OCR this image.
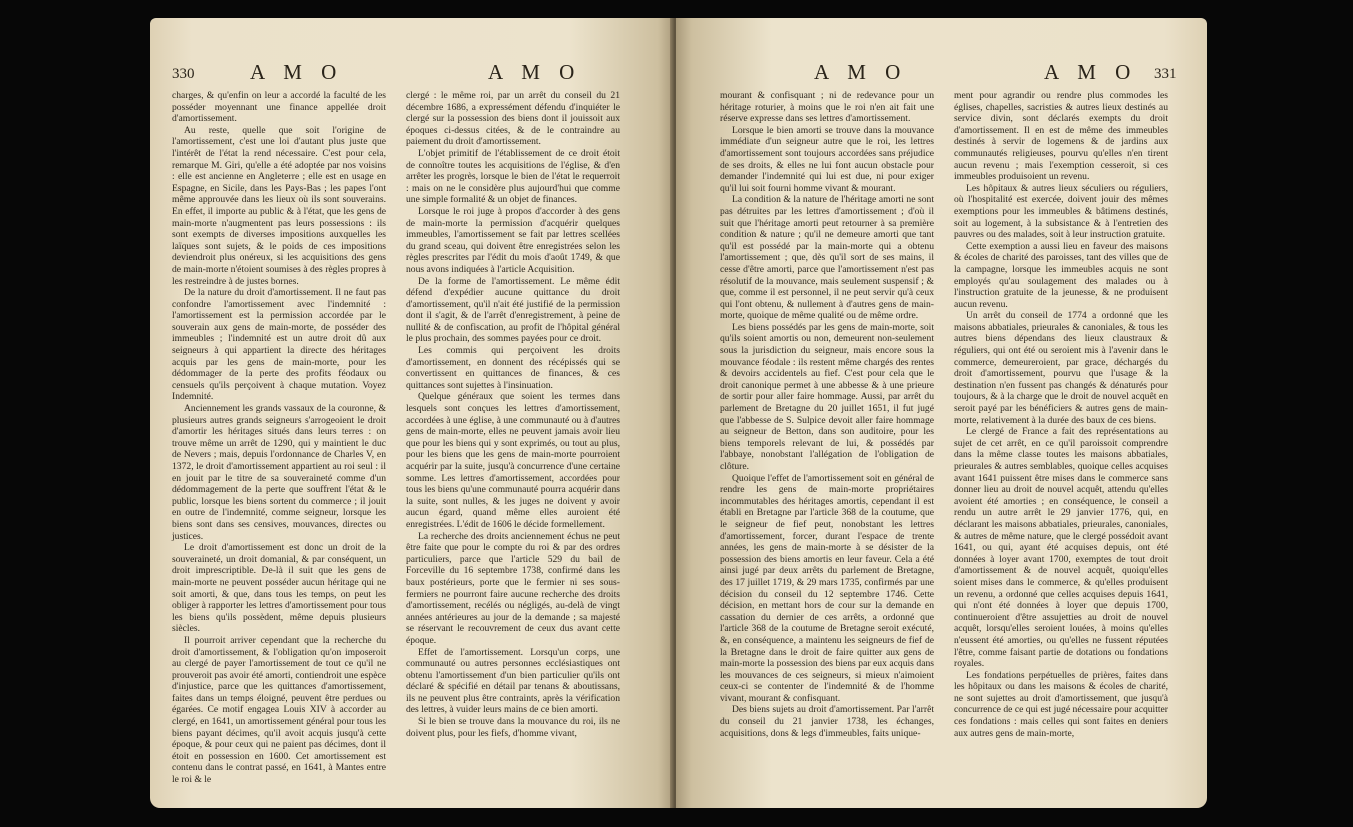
330	A M O	A M O

charges, & qu'enfin on leur a accordé la faculté de les posséder moyennant une finance appellée droit d'amortissement.

Au reste, quelle que soit l'origine de l'amortissement, c'est une loi d'autant plus juste que l'intérêt de l'état la rend nécessaire. C'est pour cela, remarque M. Giri, qu'elle a été adoptée par nos voisins : elle est ancienne en Angleterre ; elle est en usage en Espagne, en Sicile, dans les Pays-Bas ; les papes l'ont même approuvée dans les lieux où ils sont souverains. En effet, il importe au public & à l'état, que les gens de main-morte n'augmentent pas leurs possessions : ils sont exempts de diverses impositions auxquelles les laïques sont sujets, & le poids de ces impositions deviendroit plus onéreux, si les acquisitions des gens de main-morte n'étoient soumises à des règles propres à les restreindre à de justes bornes.

De la nature du droit d'amortissement. Il ne faut pas confondre l'amortissement avec l'indemnité : l'amortissement est la permission accordée par le souverain aux gens de main-morte, de posséder des immeubles ; l'indemnité est un autre droit dû aux seigneurs à qui appartient la directe des héritages acquis par les gens de main-morte, pour les dédommager de la perte des profits féodaux ou censuels qu'ils perçoivent à chaque mutation. Voyez Indemnité.

Anciennement les grands vassaux de la couronne, & plusieurs autres grands seigneurs s'arrogeoient le droit d'amortir les héritages situés dans leurs terres : on trouve même un arrêt de 1290, qui y maintient le duc de Nevers ; mais, depuis l'ordonnance de Charles V, en 1372, le droit d'amortissement appartient au roi seul : il en jouit par le titre de sa souveraineté comme d'un dédommagement de la perte que souffrent l'état & le public, lorsque les biens sortent du commerce ; il jouit en outre de l'indemnité, comme seigneur, lorsque les biens sont dans ses censives, mouvances, directes ou justices.

Le droit d'amortissement est donc un droit de la souveraineté, un droit domanial, & par conséquent, un droit imprescriptible. De-là il suit que les gens de main-morte ne peuvent posséder aucun héritage qui ne soit amorti, & que, dans tous les temps, on peut les obliger à rapporter les lettres d'amortissement pour tous les biens qu'ils possèdent, même depuis plusieurs siècles.

Il pourroit arriver cependant que la recherche du droit d'amortissement, & l'obligation qu'on imposeroit au clergé de payer l'amortissement de tout ce qu'il ne prouveroit pas avoir été amorti, contiendroit une espèce d'injustice, parce que les quittances d'amortissement, faites dans un temps éloigné, peuvent être perdues ou égarées. Ce motif engagea Louis XIV à accorder au clergé, en 1641, un amortissement général pour tous les biens payant décimes, qu'il avoit acquis jusqu'à cette époque, & pour ceux qui ne paient pas décimes, dont il étoit en possession en 1600. Cet amortissement est contenu dans le contrat passé, en 1641, à Mantes entre le roi & le

clergé : le même roi, par un arrêt du conseil du 21 décembre 1686, a expressément défendu d'inquiéter le clergé sur la possession des biens dont il jouissoit aux époques ci-dessus citées, & de le contraindre au paiement du droit d'amortissement.

L'objet primitif de l'établissement de ce droit étoit de connoître toutes les acquisitions de l'église, & d'en arrêter les progrès, lorsque le bien de l'état le requerroit : mais on ne le considère plus aujourd'hui que comme une simple formalité & un objet de finances.

Lorsque le roi juge à propos d'accorder à des gens de main-morte la permission d'acquérir quelques immeubles, l'amortissement se fait par lettres scellées du grand sceau, qui doivent être enregistrées selon les règles prescrites par l'édit du mois d'août 1749, & que nous avons indiquées à l'article Acquisition.

De la forme de l'amortissement. Le même édit défend d'expédier aucune quittance du droit d'amortissement, qu'il n'ait été justifié de la permission dont il s'agit, & de l'arrêt d'enregistrement, à peine de nullité & de confiscation, au profit de l'hôpital général le plus prochain, des sommes payées pour ce droit.

Les commis qui perçoivent les droits d'amortissement, en donnent des récépissés qui se convertissent en quittances de finances, & ces quittances sont sujettes à l'insinuation.

Quelque généraux que soient les termes dans lesquels sont conçues les lettres d'amortissement, accordées à une église, à une communauté ou à d'autres gens de main-morte, elles ne peuvent jamais avoir lieu que pour les biens qui y sont exprimés, ou tout au plus, pour les biens que les gens de main-morte pourroient acquérir par la suite, jusqu'à concurrence d'une certaine somme. Les lettres d'amortissement, accordées pour tous les biens qu'une communauté pourra acquérir dans la suite, sont nulles, & les juges ne doivent y avoir aucun égard, quand même elles auroient été enregistrées. L'édit de 1606 le décide formellement.

La recherche des droits anciennement échus ne peut être faite que pour le compte du roi & par des ordres particuliers, parce que l'article 529 du bail de Forceville du 16 septembre 1738, confirmé dans les baux postérieurs, porte que le fermier ni ses sous-fermiers ne pourront faire aucune recherche des droits d'amortissement, recélés ou négligés, au-delà de vingt années antérieures au jour de la demande ; sa majesté se réservant le recouvrement de ceux dus avant cette époque.

Effet de l'amortissement. Lorsqu'un corps, une communauté ou autres personnes ecclésiastiques ont obtenu l'amortissement d'un bien particulier qu'ils ont déclaré & spécifié en détail par tenans & aboutissans, ils ne peuvent plus être contraints, après la vérification des lettres, à vuider leurs mains de ce bien amorti.

Si le bien se trouve dans la mouvance du roi, ils ne doivent plus, pour les fiefs, d'homme vivant,

A M O	A M O 331

mourant & confisquant ; ni de redevance pour un héritage roturier, à moins que le roi n'en ait fait une réserve expresse dans ses lettres d'amortissement.

Lorsque le bien amorti se trouve dans la mouvance immédiate d'un seigneur autre que le roi, les lettres d'amortissement sont toujours accordées sans préjudice de ses droits, & elles ne lui font aucun obstacle pour demander l'indemnité qui lui est due, ni pour exiger qu'il lui soit fourni homme vivant & mourant.

La condition & la nature de l'héritage amorti ne sont pas détruites par les lettres d'amortissement ; d'où il suit que l'héritage amorti peut retourner à sa première condition & nature ; qu'il ne demeure amorti que tant qu'il est possédé par la main-morte qui a obtenu l'amortissement ; que, dès qu'il sort de ses mains, il cesse d'être amorti, parce que l'amortissement n'est pas résolutif de la mouvance, mais seulement suspensif ; & que, comme il est personnel, il ne peut servir qu'à ceux qui l'ont obtenu, & nullement à d'autres gens de main-morte, quoique de même qualité ou de même ordre.

Les biens possédés par les gens de main-morte, soit qu'ils soient amortis ou non, demeurent non-seulement sous la jurisdiction du seigneur, mais encore sous la mouvance féodale : ils restent même chargés des rentes & devoirs accidentels au fief. C'est pour cela que le droit canonique permet à une abbesse & à une prieure de sortir pour aller faire hommage. Aussi, par arrêt du parlement de Bretagne du 20 juillet 1651, il fut jugé que l'abbesse de S. Sulpice devoit aller faire hommage au seigneur de Betton, dans son auditoire, pour les biens temporels relevant de lui, & possédés par l'abbaye, nonobstant l'allégation de l'obligation de clôture.

Quoique l'effet de l'amortissement soit en général de rendre les gens de main-morte propriétaires incommutables des héritages amortis, cependant il est établi en Bretagne par l'article 368 de la coutume, que le seigneur de fief peut, nonobstant les lettres d'amortissement, forcer, durant l'espace de trente années, les gens de main-morte à se désister de la possession des biens amortis en leur faveur. Cela a été ainsi jugé par deux arrêts du parlement de Bretagne, des 17 juillet 1719, & 29 mars 1735, confirmés par une décision du conseil du 12 septembre 1746. Cette décision, en mettant hors de cour sur la demande en cassation du dernier de ces arrêts, a ordonné que l'article 368 de la coutume de Bretagne seroit exécuté, &, en conséquence, a maintenu les seigneurs de fief de la Bretagne dans le droit de faire quitter aux gens de main-morte la possession des biens par eux acquis dans les mouvances de ces seigneurs, si mieux n'aimoient ceux-ci se contenter de l'indemnité & de l'homme vivant, mourant & confisquant.

Des biens sujets au droit d'amortissement. Par l'arrêt du conseil du 21 janvier 1738, les échanges, acquisitions, dons & legs d'immeubles, faits unique-

ment pour agrandir ou rendre plus commodes les églises, chapelles, sacristies & autres lieux destinés au service divin, sont déclarés exempts du droit d'amortissement. Il en est de même des immeubles destinés à servir de logemens & de jardins aux communautés religieuses, pourvu qu'elles n'en tirent aucun revenu ; mais l'exemption cesseroit, si ces immeubles produisoient un revenu.

Les hôpitaux & autres lieux séculiers ou réguliers, où l'hospitalité est exercée, doivent jouir des mêmes exemptions pour les immeubles & bâtimens destinés, soit au logement, à la subsistance & à l'entretien des pauvres ou des malades, soit à leur instruction gratuite.

Cette exemption a aussi lieu en faveur des maisons & écoles de charité des paroisses, tant des villes que de la campagne, lorsque les immeubles acquis ne sont employés qu'au soulagement des malades ou à l'instruction gratuite de la jeunesse, & ne produisent aucun revenu.

Un arrêt du conseil de 1774 a ordonné que les maisons abbatiales, prieurales & canoniales, & tous les autres biens dépendans des lieux claustraux & réguliers, qui ont été ou seroient mis à l'avenir dans le commerce, demeureroient, par grace, déchargés du droit d'amortissement, pourvu que l'usage & la destination n'en fussent pas changés & dénaturés pour toujours, & à la charge que le droit de nouvel acquêt en seroit payé par les bénéficiers & autres gens de main-morte, relativement à la durée des baux de ces biens.

Le clergé de France a fait des représentations au sujet de cet arrêt, en ce qu'il paroissoit comprendre dans la même classe toutes les maisons abbatiales, prieurales & autres semblables, quoique celles acquises avant 1641 puissent être mises dans le commerce sans donner lieu au droit de nouvel acquêt, attendu qu'elles avoient été amorties ; en conséquence, le conseil a rendu un autre arrêt le 29 janvier 1776, qui, en déclarant les maisons abbatiales, prieurales, canoniales, & autres de même nature, que le clergé possédoit avant 1641, ou qui, ayant été acquises depuis, ont été données à loyer avant 1700, exemptes de tout droit d'amortissement & de nouvel acquêt, quoiqu'elles soient mises dans le commerce, & qu'elles produisent un revenu, a ordonné que celles acquises depuis 1641, qui n'ont été données à loyer que depuis 1700, continueroient d'être assujetties au droit de nouvel acquêt, lorsqu'elles seroient louées, à moins qu'elles n'eussent été amorties, ou qu'elles ne fussent réputées l'être, comme faisant partie de dotations ou fondations royales.

Les fondations perpétuelles de prières, faites dans les hôpitaux ou dans les maisons & écoles de charité, ne sont sujettes au droit d'amortissement, que jusqu'à concurrence de ce qui est jugé nécessaire pour acquitter ces fondations : mais celles qui sont faites en deniers aux autres gens de main-morte,
